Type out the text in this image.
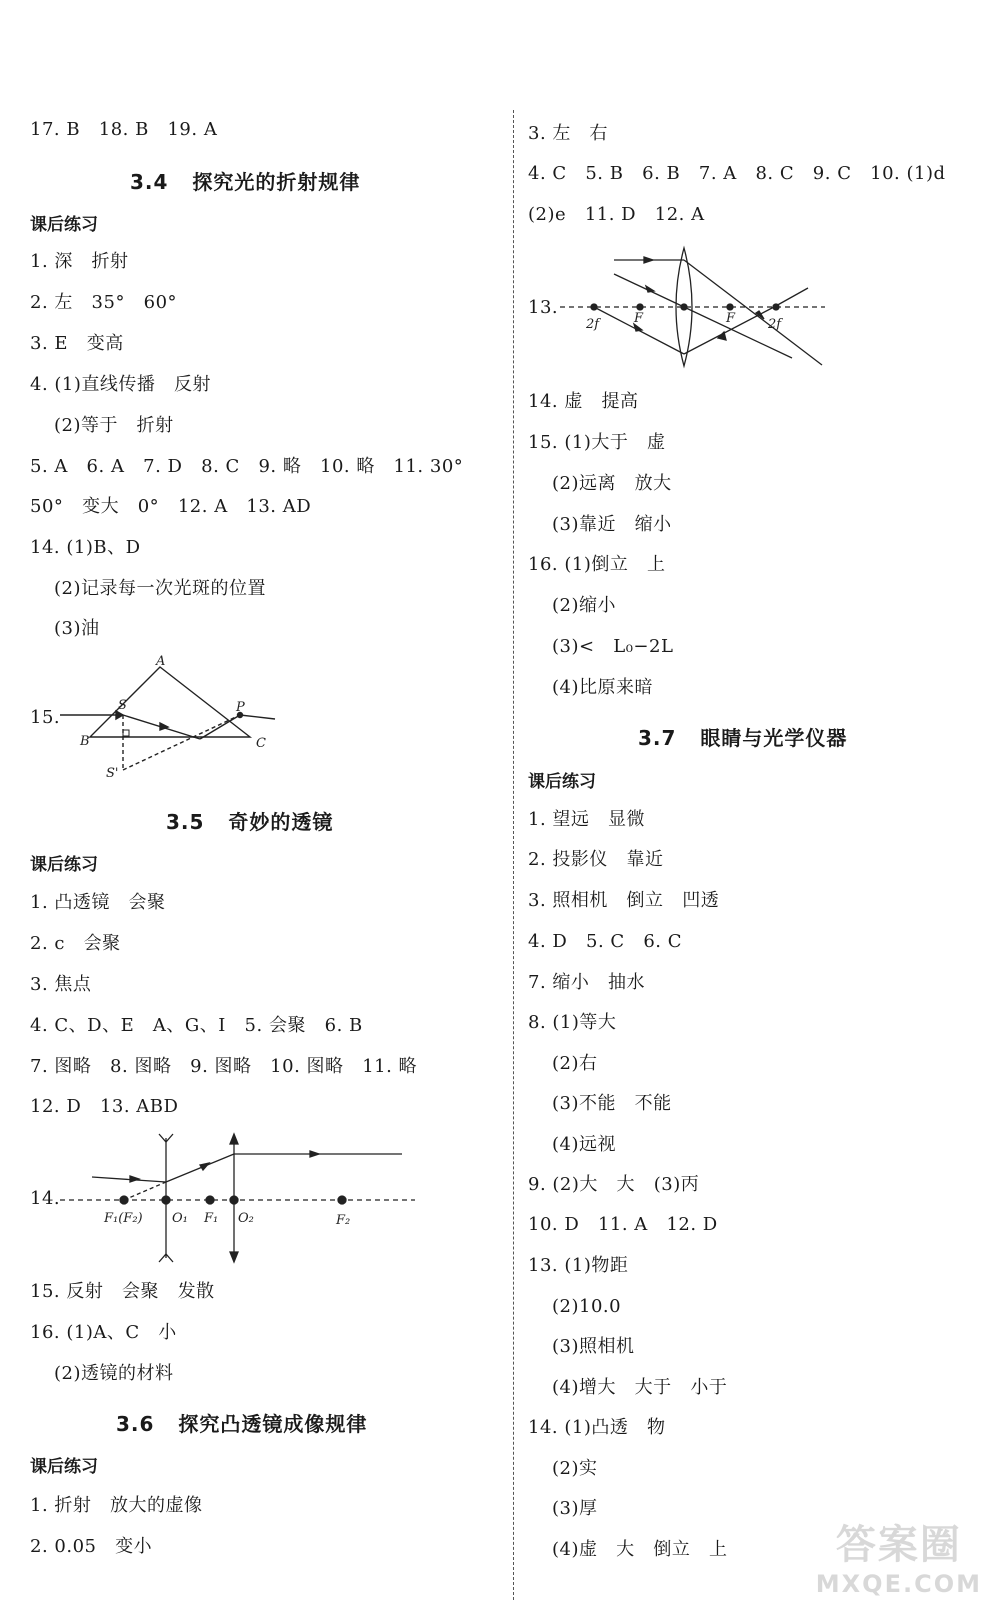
17. B   18. B   19. A
3.4   探究光的折射规律
课后练习
1. 深   折射
2. 左   35°   60°
3. E   变高
4. (1)直线传播   反射
(2)等于   折射
5. A   6. A   7. D   8. C   9. 略   10. 略   11. 30°
50°   变大   0°   12. A   13. AD
14. (1)B、D
(2)记录每一次光斑的位置
(3)油
15.
A
B	C
S
S'
P
3.5   奇妙的透镜
课后练习
1. 凸透镜   会聚
2. c   会聚
3. 焦点
4. C、D、E   A、G、I   5. 会聚   6. B
7. 图略   8. 图略   9. 图略   10. 图略   11. 略
12. D   13. ABD
14.
F₁(F₂) O₁ F₁ O₂	F₂
15. 反射   会聚   发散
16. (1)A、C   小
(2)透镜的材料
3.6   探究凸透镜成像规律
课后练习
1. 折射   放大的虚像
2. 0.05   变小
3. 左   右
4. C   5. B   6. B   7. A   8. C   9. C   10. (1)d
(2)e   11. D   12. A
13.
2f	F	F	2f
14. 虚   提高
15. (1)大于   虚
(2)远离   放大
(3)靠近   缩小
16. (1)倒立   上
(2)缩小
(3)<   L₀−2L
(4)比原来暗
3.7   眼睛与光学仪器
课后练习
1. 望远   显微
2. 投影仪   靠近
3. 照相机   倒立   凹透
4. D   5. C   6. C
7. 缩小   抽水
8. (1)等大
(2)右
(3)不能   不能
(4)远视
9. (2)大   大   (3)丙
10. D   11. A   12. D
13. (1)物距
(2)10.0
(3)照相机
(4)增大   大于   小于
14. (1)凸透   物
(2)实
(3)厚
(4)虚   大   倒立   上	答案圈
MXQE.COM
